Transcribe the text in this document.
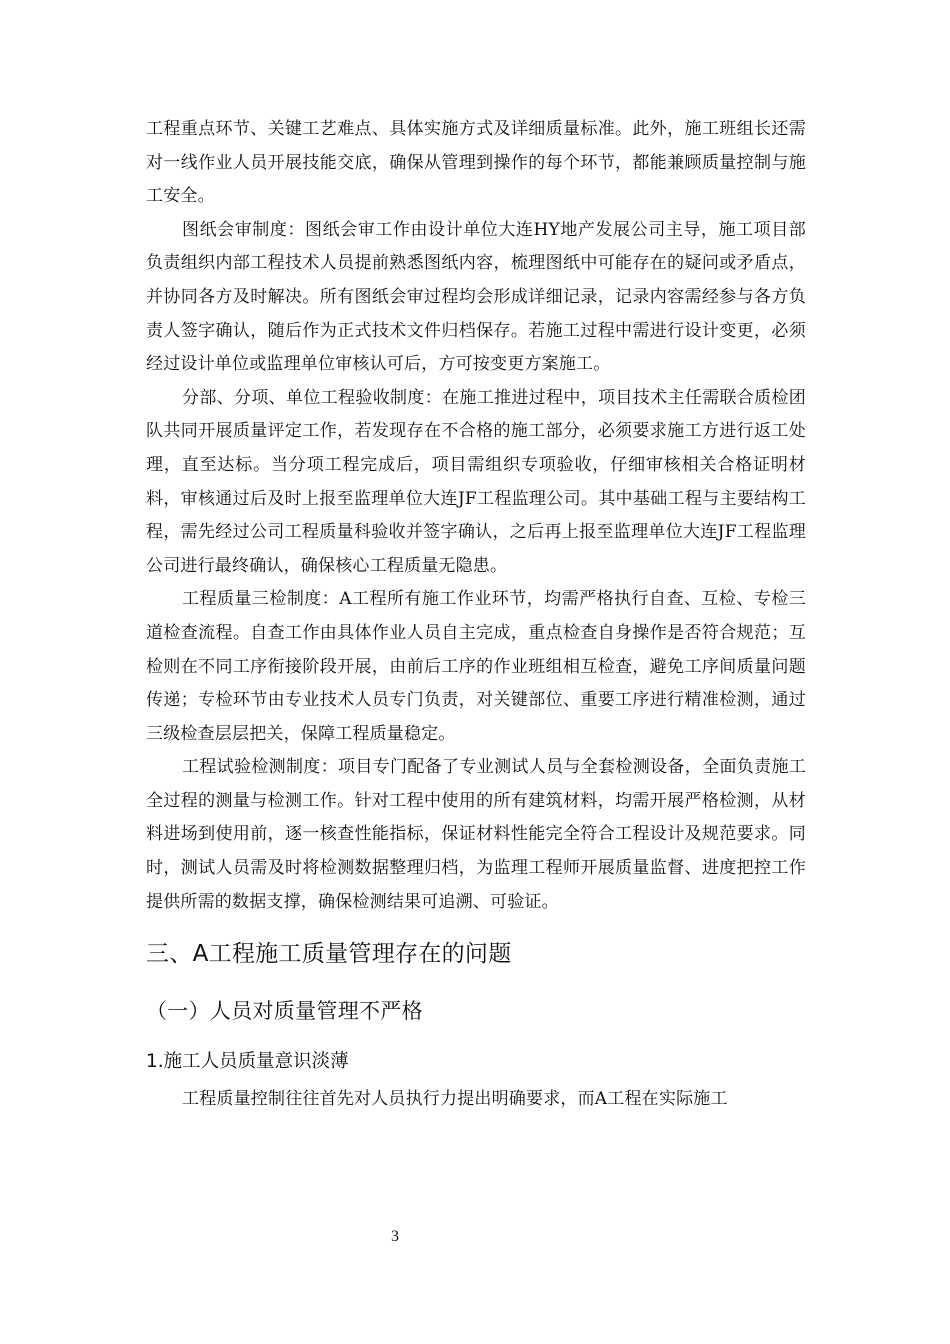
工程重点环节、关键工艺难点、具体实施方式及详细质量标准。此外，施工班组长还需对一线作业人员开展技能交底，确保从管理到操作的每个环节，都能兼顾质量控制与施工安全。

图纸会审制度：图纸会审工作由设计单位大连HY地产发展公司主导，施工项目部负责组织内部工程技术人员提前熟悉图纸内容，梳理图纸中可能存在的疑问或矛盾点，并协同各方及时解决。所有图纸会审过程均会形成详细记录，记录内容需经参与各方负责人签字确认，随后作为正式技术文件归档保存。若施工过程中需进行设计变更，必须经过设计单位或监理单位审核认可后，方可按变更方案施工。

分部、分项、单位工程验收制度：在施工推进过程中，项目技术主任需联合质检团队共同开展质量评定工作，若发现存在不合格的施工部分，必须要求施工方进行返工处理，直至达标。当分项工程完成后，项目需组织专项验收，仔细审核相关合格证明材料，审核通过后及时上报至监理单位大连JF工程监理公司。其中基础工程与主要结构工程，需先经过公司工程质量科验收并签字确认，之后再上报至监理单位大连JF工程监理公司进行最终确认，确保核心工程质量无隐患。

工程质量三检制度：A工程所有施工作业环节，均需严格执行自查、互检、专检三道检查流程。自查工作由具体作业人员自主完成，重点检查自身操作是否符合规范；互检则在不同工序衔接阶段开展，由前后工序的作业班组相互检查，避免工序间质量问题传递；专检环节由专业技术人员专门负责，对关键部位、重要工序进行精准检测，通过三级检查层层把关，保障工程质量稳定。

工程试验检测制度：项目专门配备了专业测试人员与全套检测设备，全面负责施工全过程的测量与检测工作。针对工程中使用的所有建筑材料，均需开展严格检测，从材料进场到使用前，逐一核查性能指标，保证材料性能完全符合工程设计及规范要求。同时，测试人员需及时将检测数据整理归档，为监理工程师开展质量监督、进度把控工作提供所需的数据支撑，确保检测结果可追溯、可验证。

三、A工程施工质量管理存在的问题
（一）人员对质量管理不严格
1.施工人员质量意识淡薄

工程质量控制往往首先对人员执行力提出明确要求，而A工程在实际施工

3
